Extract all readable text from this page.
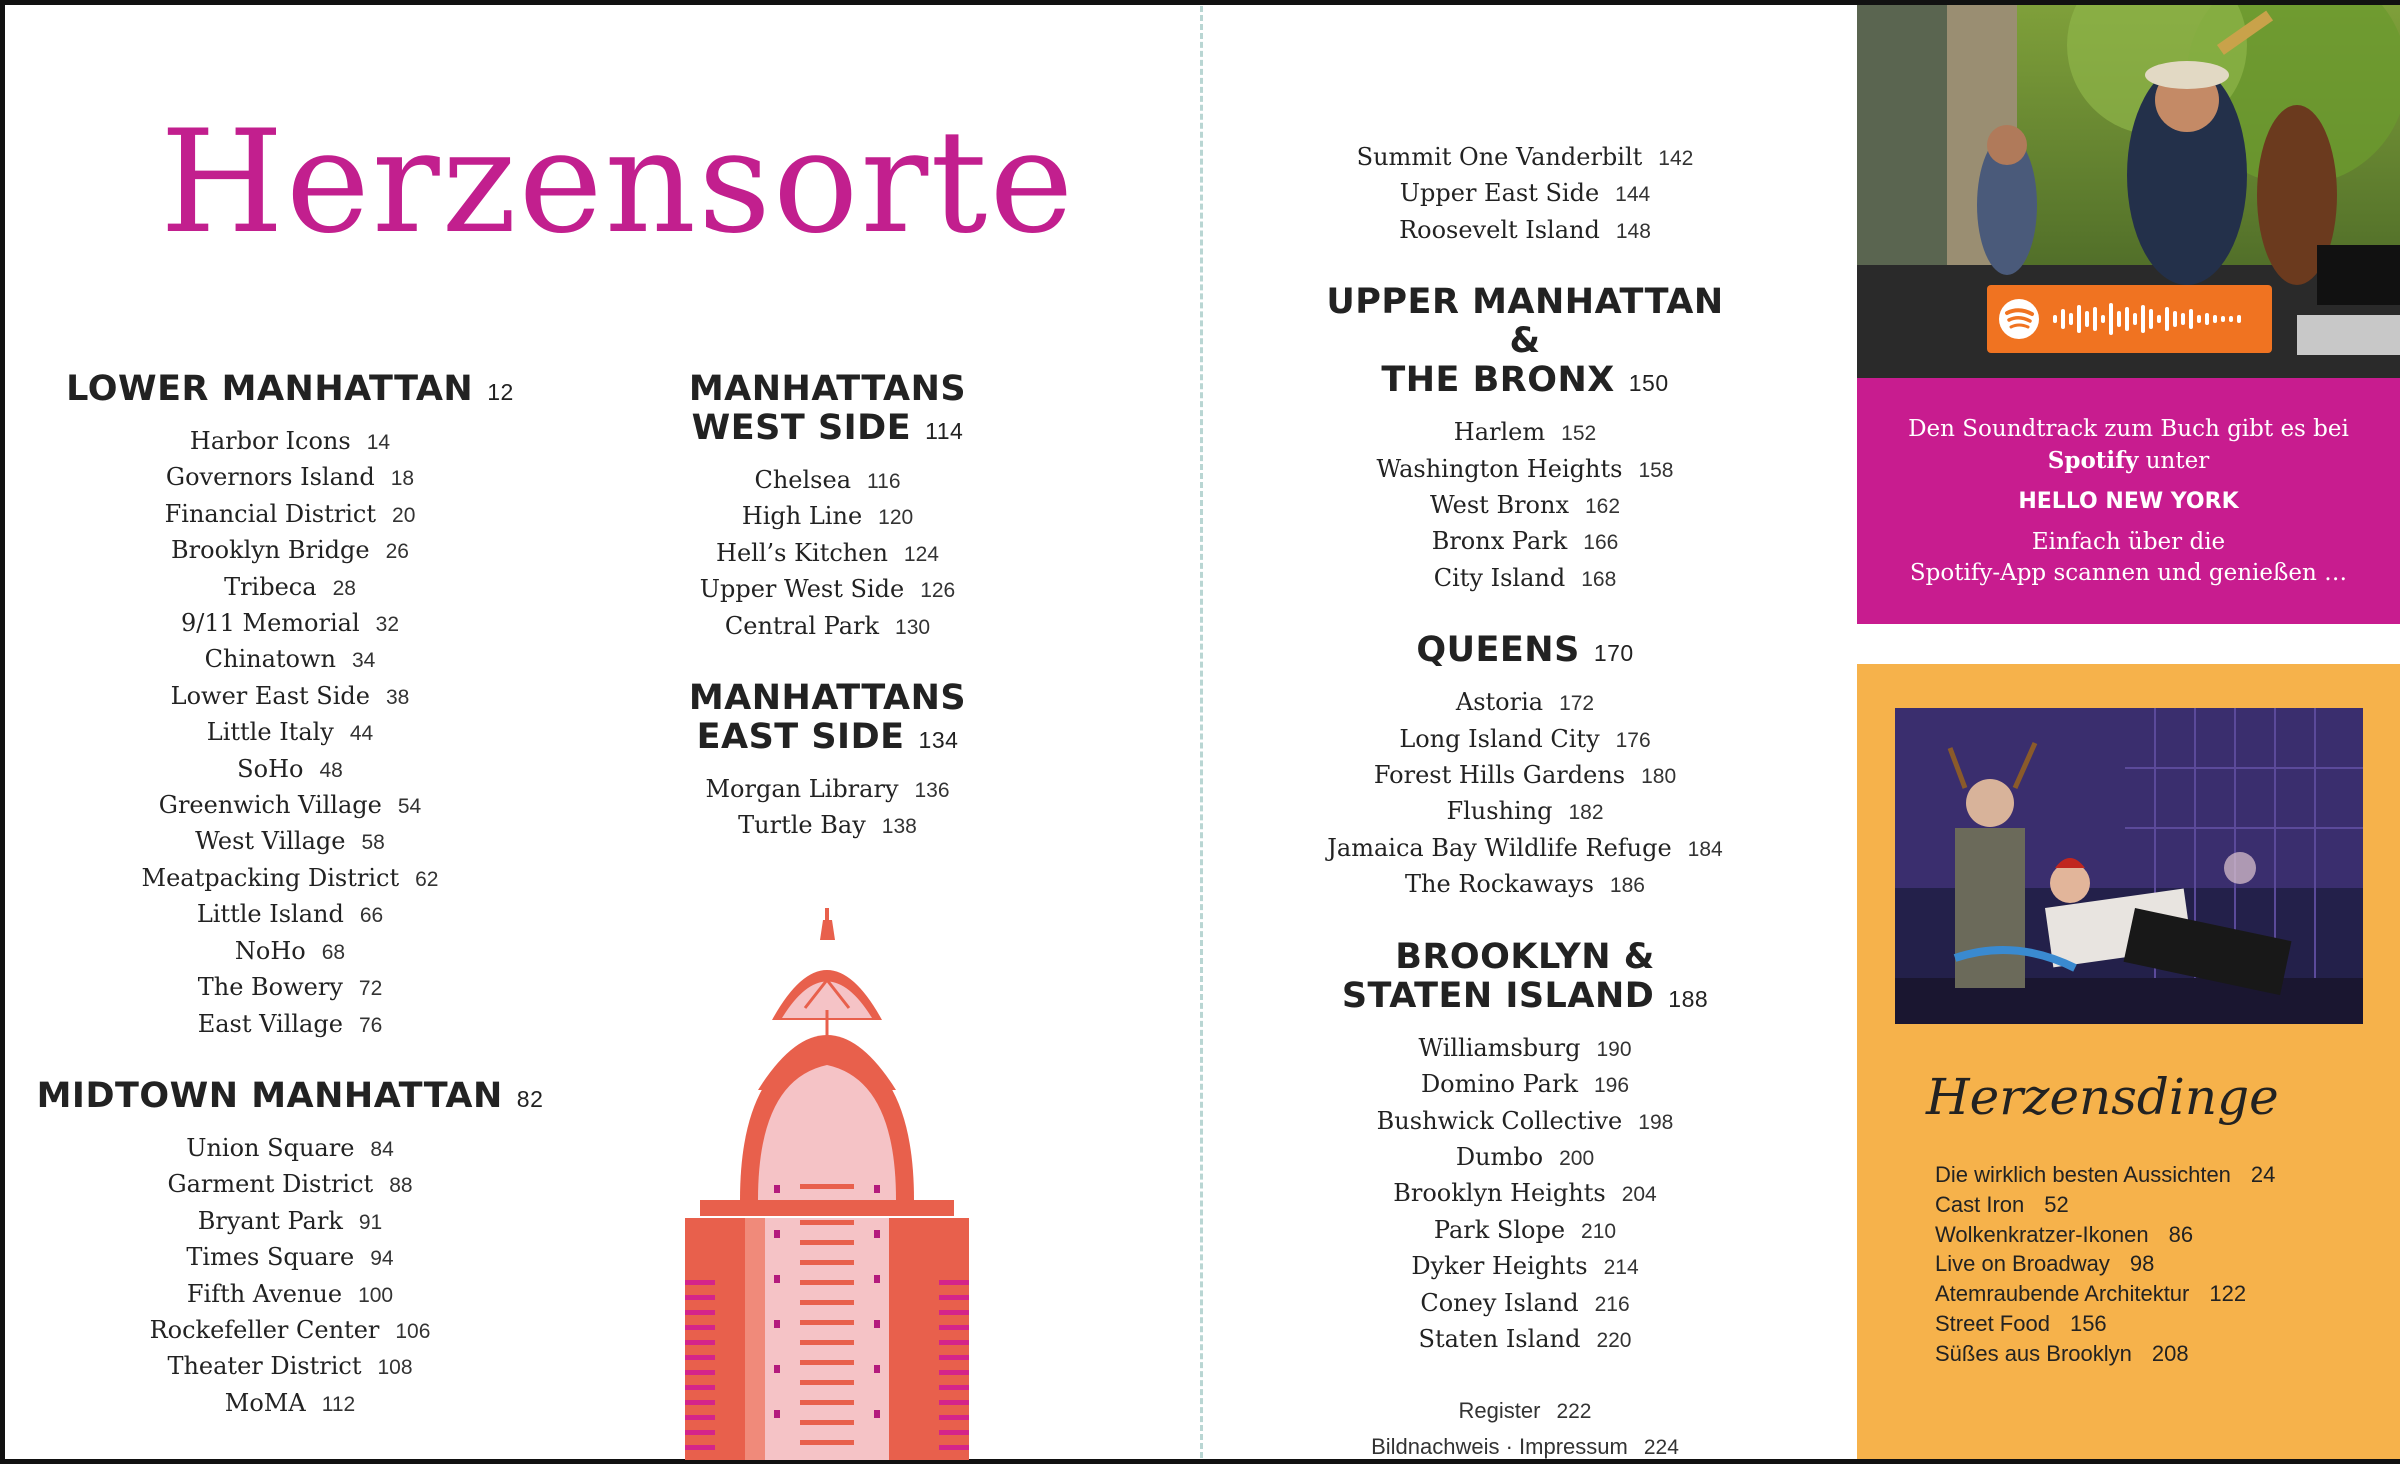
Herzensorte
LOWER MANHATTAN 12
Harbor Icons 14
Governors Island 18
Financial District 20
Brooklyn Bridge 26
Tribeca 28
9/11 Memorial 32
Chinatown 34
Lower East Side 38
Little Italy 44
SoHo 48
Greenwich Village 54
West Village 58
Meatpacking District 62
Little Island 66
NoHo 68
The Bowery 72
East Village 76
MIDTOWN MANHATTAN 82
Union Square 84
Garment District 88
Bryant Park 91
Times Square 94
Fifth Avenue 100
Rockefeller Center 106
Theater District 108
MoMA 112
MANHATTANS
WEST SIDE 114
Chelsea 116
High Line 120
Hell’s Kitchen 124
Upper West Side 126
Central Park 130
MANHATTANS
EAST SIDE 134
Morgan Library 136
Turtle Bay 138
Summit One Vanderbilt 142
Upper East Side 144
Roosevelt Island 148
UPPER MANHATTAN &
THE BRONX 150
Harlem 152
Washington Heights 158
West Bronx 162
Bronx Park 166
City Island 168
QUEENS 170
Astoria 172
Long Island City 176
Forest Hills Gardens 180
Flushing 182
Jamaica Bay Wildlife Refuge 184
The Rockaways 186
BROOKLYN &
STATEN ISLAND 188
Williamsburg 190
Domino Park 196
Bushwick Collective 198
Dumbo 200
Brooklyn Heights 204
Park Slope 210
Dyker Heights 214
Coney Island 216
Staten Island 220
Register 222
Bildnachweis · Impressum 224
Den Soundtrack zum Buch gibt es bei
Spotify unter
HELLO NEW YORK
Einfach über die
Spotify-App scannen und genießen …
Herzensdinge
Die wirklich besten Aussichten 24
Cast Iron 52
Wolkenkratzer-Ikonen 86
Live on Broadway 98
Atemraubende Architektur 122
Street Food 156
Süßes aus Brooklyn 208
